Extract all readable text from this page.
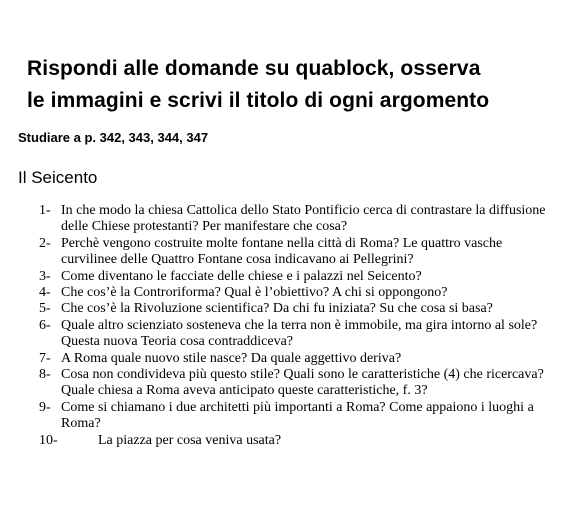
Rispondi alle domande su quablock, osserva
le immagini e scrivi il titolo di ogni argomento

Studiare a p. 342, 343, 344, 347

Il Seicento
1- In che modo la chiesa Cattolica dello Stato Pontificio cerca di contrastare la diffusione delle Chiese protestanti? Per manifestare che cosa?
2- Perchè vengono costruite molte fontane nella città di Roma? Le quattro vasche curvilinee delle Quattro Fontane cosa indicavano ai Pellegrini?
3- Come diventano le facciate delle chiese e i palazzi nel Seicento?
4- Che cos’è la Controriforma? Qual è l’obiettivo? A chi si oppongono?
5- Che cos’è la Rivoluzione scientifica? Da chi fu iniziata? Su che cosa si basa?
6- Quale altro scienziato sosteneva che la terra non è immobile, ma gira intorno al sole? Questa nuova Teoria cosa contraddiceva?
7- A Roma quale nuovo stile nasce? Da quale aggettivo deriva?
8- Cosa non condivideva più questo stile? Quali sono le caratteristiche (4) che ricercava?
Quale chiesa a Roma aveva anticipato queste caratteristiche, f. 3?
9- Come si chiamano i due architetti più importanti a Roma? Come appaiono i luoghi a Roma?
10-	La piazza per cosa veniva usata?
